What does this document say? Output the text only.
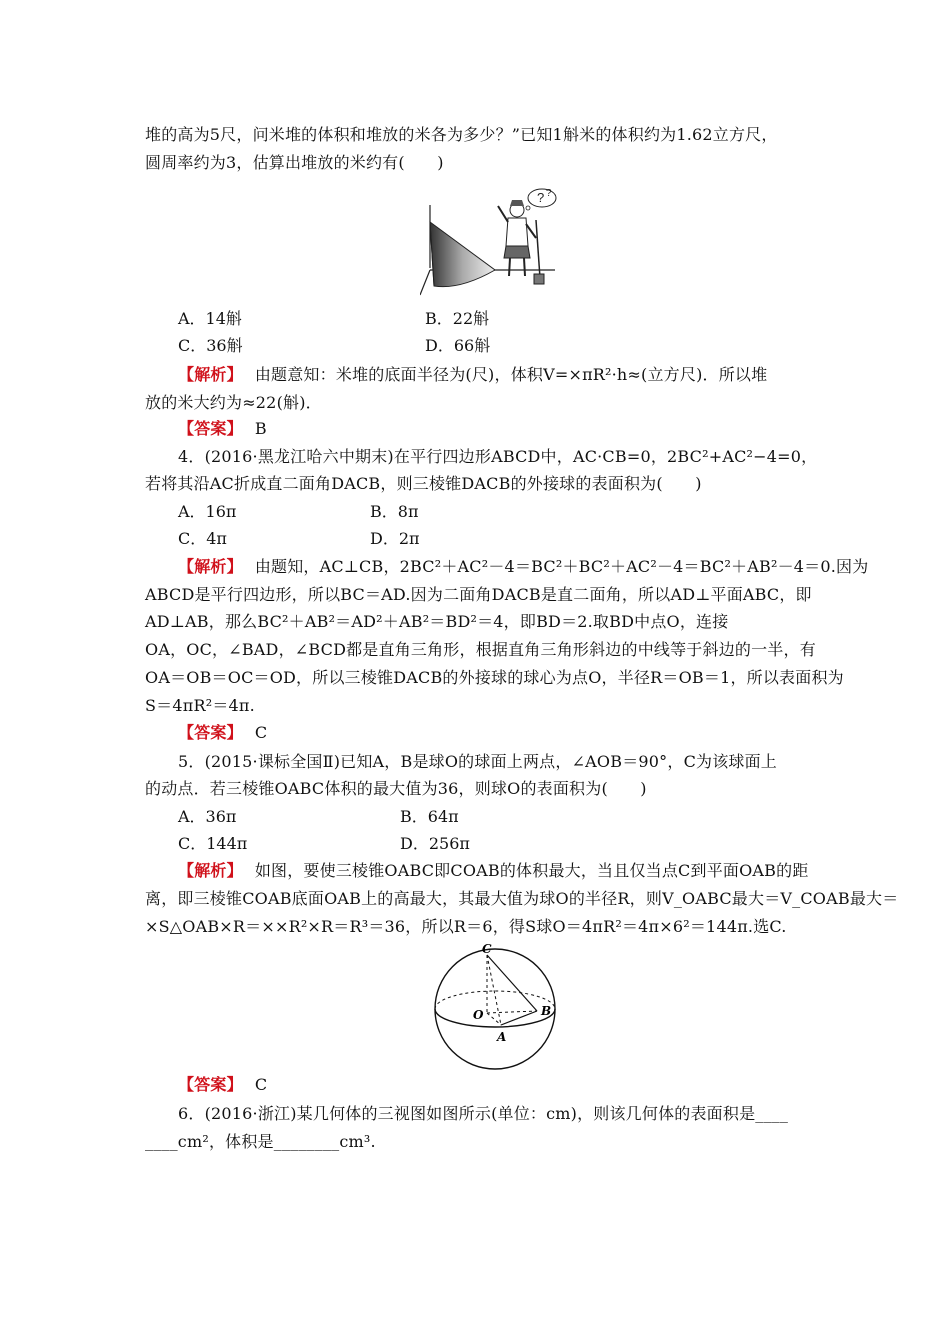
堆的高为5尺，问米堆的体积和堆放的米各为多少？”已知1斛米的体积约为1.62立方尺，
圆周率约为3，估算出堆放的米约有(　　)
? ?
A．14斛	B．22斛
C．36斛	D．66斛
【解析】 由题意知：米堆的底面半径为(尺)，体积V=×πR²·h≈(立方尺)．所以堆
放的米大约为≈22(斛)．
【答案】 B
4．(2016·黑龙江哈六中期末)在平行四边形ABCD中，AC·CB=0，2BC²+AC²−4=0，
若将其沿AC折成直二面角DACB，则三棱锥DACB的外接球的表面积为(　　)
A．16π	B．8π
C．4π	D．2π
【解析】 由题知，AC⊥CB，2BC²＋AC²－4＝BC²＋BC²＋AC²－4＝BC²＋AB²－4＝0.因为
ABCD是平行四边形，所以BC＝AD.因为二面角DACB是直二面角，所以AD⊥平面ABC，即
AD⊥AB，那么BC²＋AB²＝AD²＋AB²＝BD²＝4，即BD＝2.取BD中点O，连接
OA，OC，∠BAD，∠BCD都是直角三角形，根据直角三角形斜边的中线等于斜边的一半，有
OA＝OB＝OC＝OD，所以三棱锥DACB的外接球的球心为点O，半径R＝OB＝1，所以表面积为
S＝4πR²＝4π.
【答案】 C
5．(2015·课标全国Ⅱ)已知A，B是球O的球面上两点，∠AOB＝90°，C为该球面上
的动点．若三棱锥OABC体积的最大值为36，则球O的表面积为(　　)
A．36π	B．64π
C．144π	D．256π
【解析】 如图，要使三棱锥OABC即COAB的体积最大，当且仅当点C到平面OAB的距
离，即三棱锥COAB底面OAB上的高最大，其最大值为球O的半径R，则V_OABC最大＝V_COAB最大＝
×S△OAB×R＝××R²×R＝R³＝36，所以R＝6，得S球O＝4πR²＝4π×6²＝144π.选C.
C
O	B
A
【答案】 C
6．(2016·浙江)某几何体的三视图如图所示(单位：cm)，则该几何体的表面积是____
____cm²，体积是________cm³.
